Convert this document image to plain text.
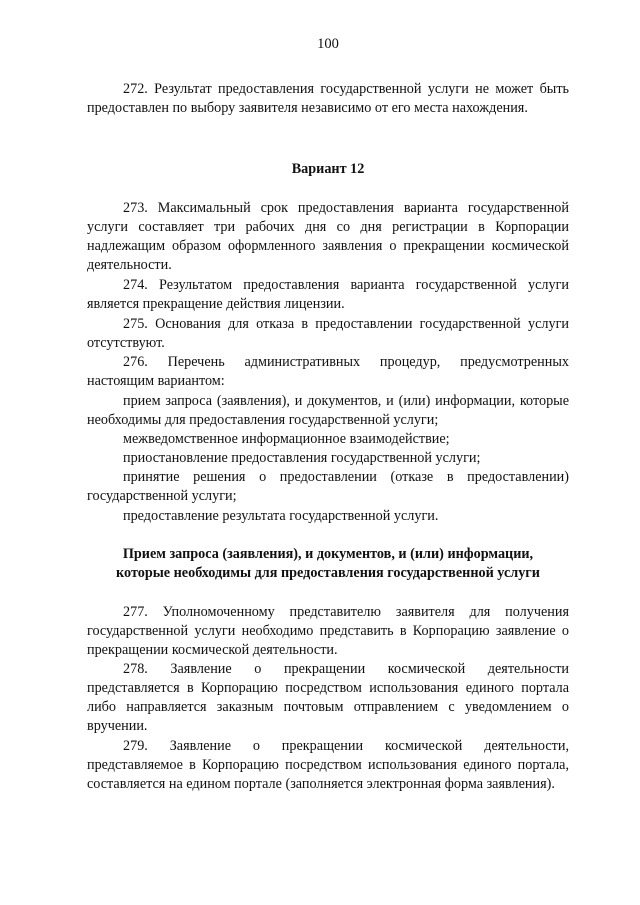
100
272. Результат предоставления государственной услуги не может быть предоставлен по выбору заявителя независимо от его места нахождения.
Вариант 12
273. Максимальный срок предоставления варианта государственной услуги составляет три рабочих дня со дня регистрации в Корпорации надлежащим образом оформленного заявления о прекращении космической деятельности.
274. Результатом предоставления варианта государственной услуги является прекращение действия лицензии.
275. Основания для отказа в предоставлении государственной услуги отсутствуют.
276. Перечень административных процедур, предусмотренных настоящим вариантом:
прием запроса (заявления), и документов, и (или) информации, которые необходимы для предоставления государственной услуги;
межведомственное информационное взаимодействие;
приостановление предоставления государственной услуги;
принятие решения о предоставлении (отказе в предоставлении) государственной услуги;
предоставление результата государственной услуги.
Прием запроса (заявления), и документов, и (или) информации,
которые необходимы для предоставления государственной услуги
277. Уполномоченному представителю заявителя для получения государственной услуги необходимо представить в Корпорацию заявление о прекращении космической деятельности.
278. Заявление о прекращении космической деятельности представляется в Корпорацию посредством использования единого портала либо направляется заказным почтовым отправлением с уведомлением о вручении.
279. Заявление о прекращении космической деятельности, представляемое в Корпорацию посредством использования единого портала, составляется на едином портале (заполняется электронная форма заявления).
